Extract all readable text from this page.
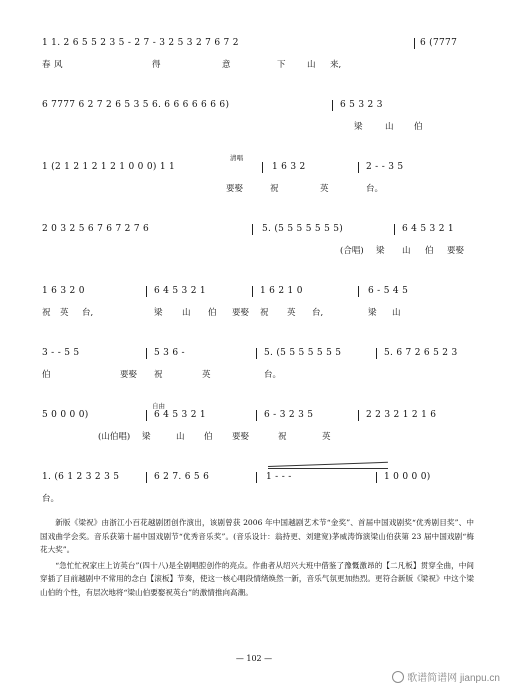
1 1. 2 6 5 5 2 3 5 - 2 7 - 3 2 5 3 2 7 6 7 2	6 (7777
春 风	得	意	下	山 来,
6 7777 6 2 7 2 6 5 3 5 6. 6 6 6 6 6 6 6)	6 5 3 2 3
梁	山 伯
清唱
1 (2 1 2 1 2 1 2 1 0 0 0) 1 1	1 6 3 2	2 - - 3 5
要娶	祝	英	台。
2 0 3 2 5 6 7 6 7 2 7 6	5. (5 5 5 5 5 5 5)	6 4 5 3 2 1
(合唱) 梁 山 伯 要娶
1 6 3 2 0	6 4 5 3 2 1	1 6 2 1 0	6 - 5 4 5
祝 英 台,	梁 山 伯 要娶 祝 英 台,	梁 山
3 - - 5 5	5 3 6 -	5. (5 5 5 5 5 5 5	5. 6 7 2 6 5 2 3
伯	要娶 祝	英	台。
自由
5 0 0 0 0)	6 4 5 3 2 1	6 - 3 2 3 5	2 2 3 2 1 2 1 6
(山伯唱) 梁	山 伯 要娶	祝	英
1. (6 1 2 3 2 3 5	6 2 7. 6 5 6	1 - - -	1 0 0 0 0)
台。

新版《梁祝》由浙江小百花越剧团创作演出，该剧曾获 2006 年中国越剧艺术节“金奖”、首届中国戏剧奖“优秀剧目奖”、中国戏曲学会奖。音乐获第十届中国戏剧节“优秀音乐奖”。(音乐设计：翁持更、刘建宽)茅威涛饰演梁山伯获第 23 届中国戏剧“梅花大奖”。

“急忙忙祝家庄上访英台”(四十八)是全剧唱腔创作的亮点。作曲者从绍兴大班中借鉴了豫慨激昂的【二凡板】贯穿全曲，中间穿插了目前越剧中不常用的念白【滚板】节奏，使这一核心唱段情绪焕然一新，音乐气氛更加热烈。更符合新版《梁祝》中这个梁山伯的个性，有层次地将“梁山伯要娶祝英台”的激情推向高潮。

— 102 —
歌谱简谱网 jianpu.cn
